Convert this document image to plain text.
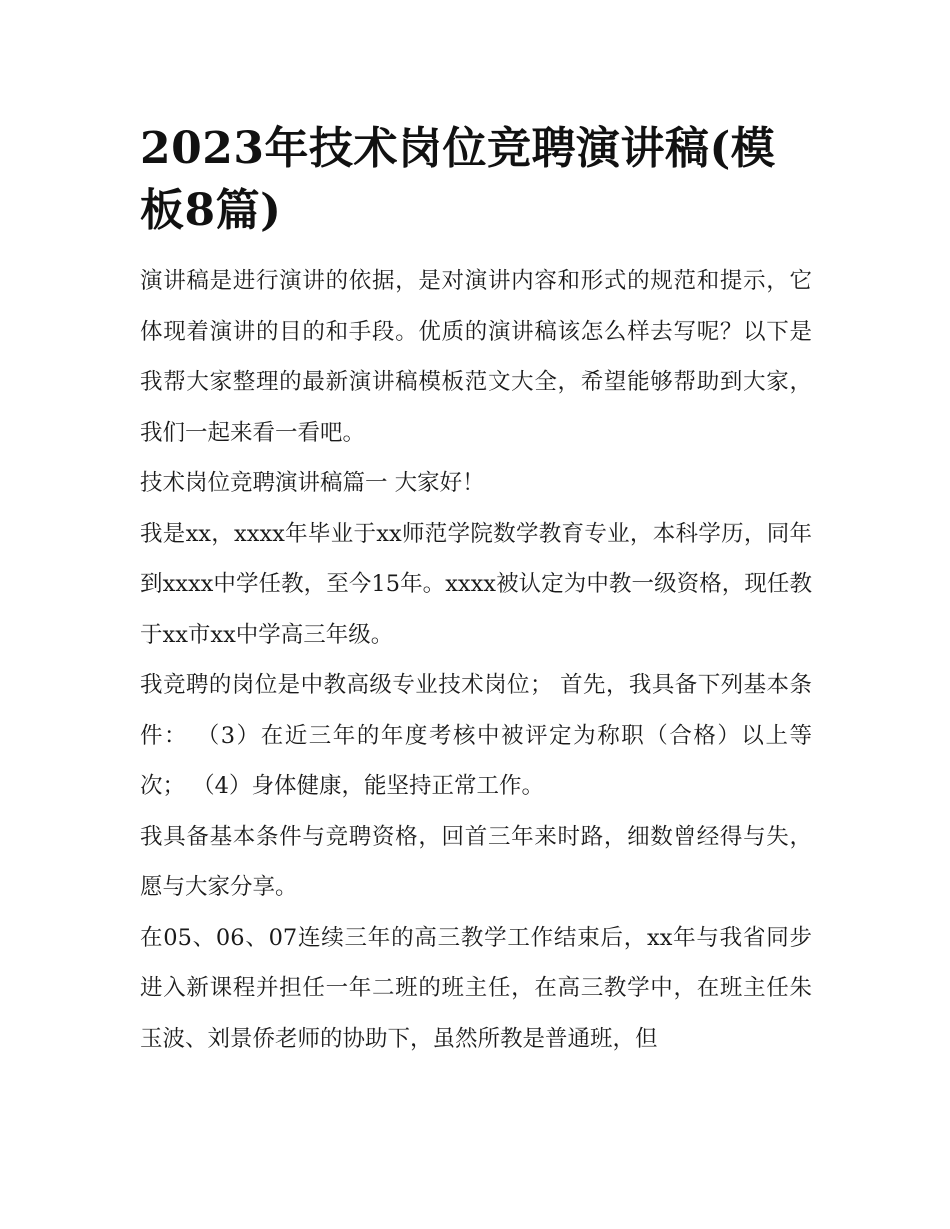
2023年技术岗位竞聘演讲稿(模板8篇)

演讲稿是进行演讲的依据，是对演讲内容和形式的规范和提示，它体现着演讲的目的和手段。优质的演讲稿该怎么样去写呢？以下是我帮大家整理的最新演讲稿模板范文大全，希望能够帮助到大家，我们一起来看一看吧。

技术岗位竞聘演讲稿篇一 大家好！

我是xx，xxxx年毕业于xx师范学院数学教育专业，本科学历，同年到xxxx中学任教，至今15年。xxxx被认定为中教一级资格，现任教于xx市xx中学高三年级。

我竞聘的岗位是中教高级专业技术岗位； 首先，我具备下列基本条件： （3）在近三年的年度考核中被评定为称职（合格）以上等次； （4）身体健康，能坚持正常工作。

我具备基本条件与竞聘资格，回首三年来时路，细数曾经得与失，愿与大家分享。

在05、06、07连续三年的高三教学工作结束后，xx年与我省同步进入新课程并担任一年二班的班主任，在高三教学中，在班主任朱玉波、刘景侨老师的协助下，虽然所教是普通班，但
